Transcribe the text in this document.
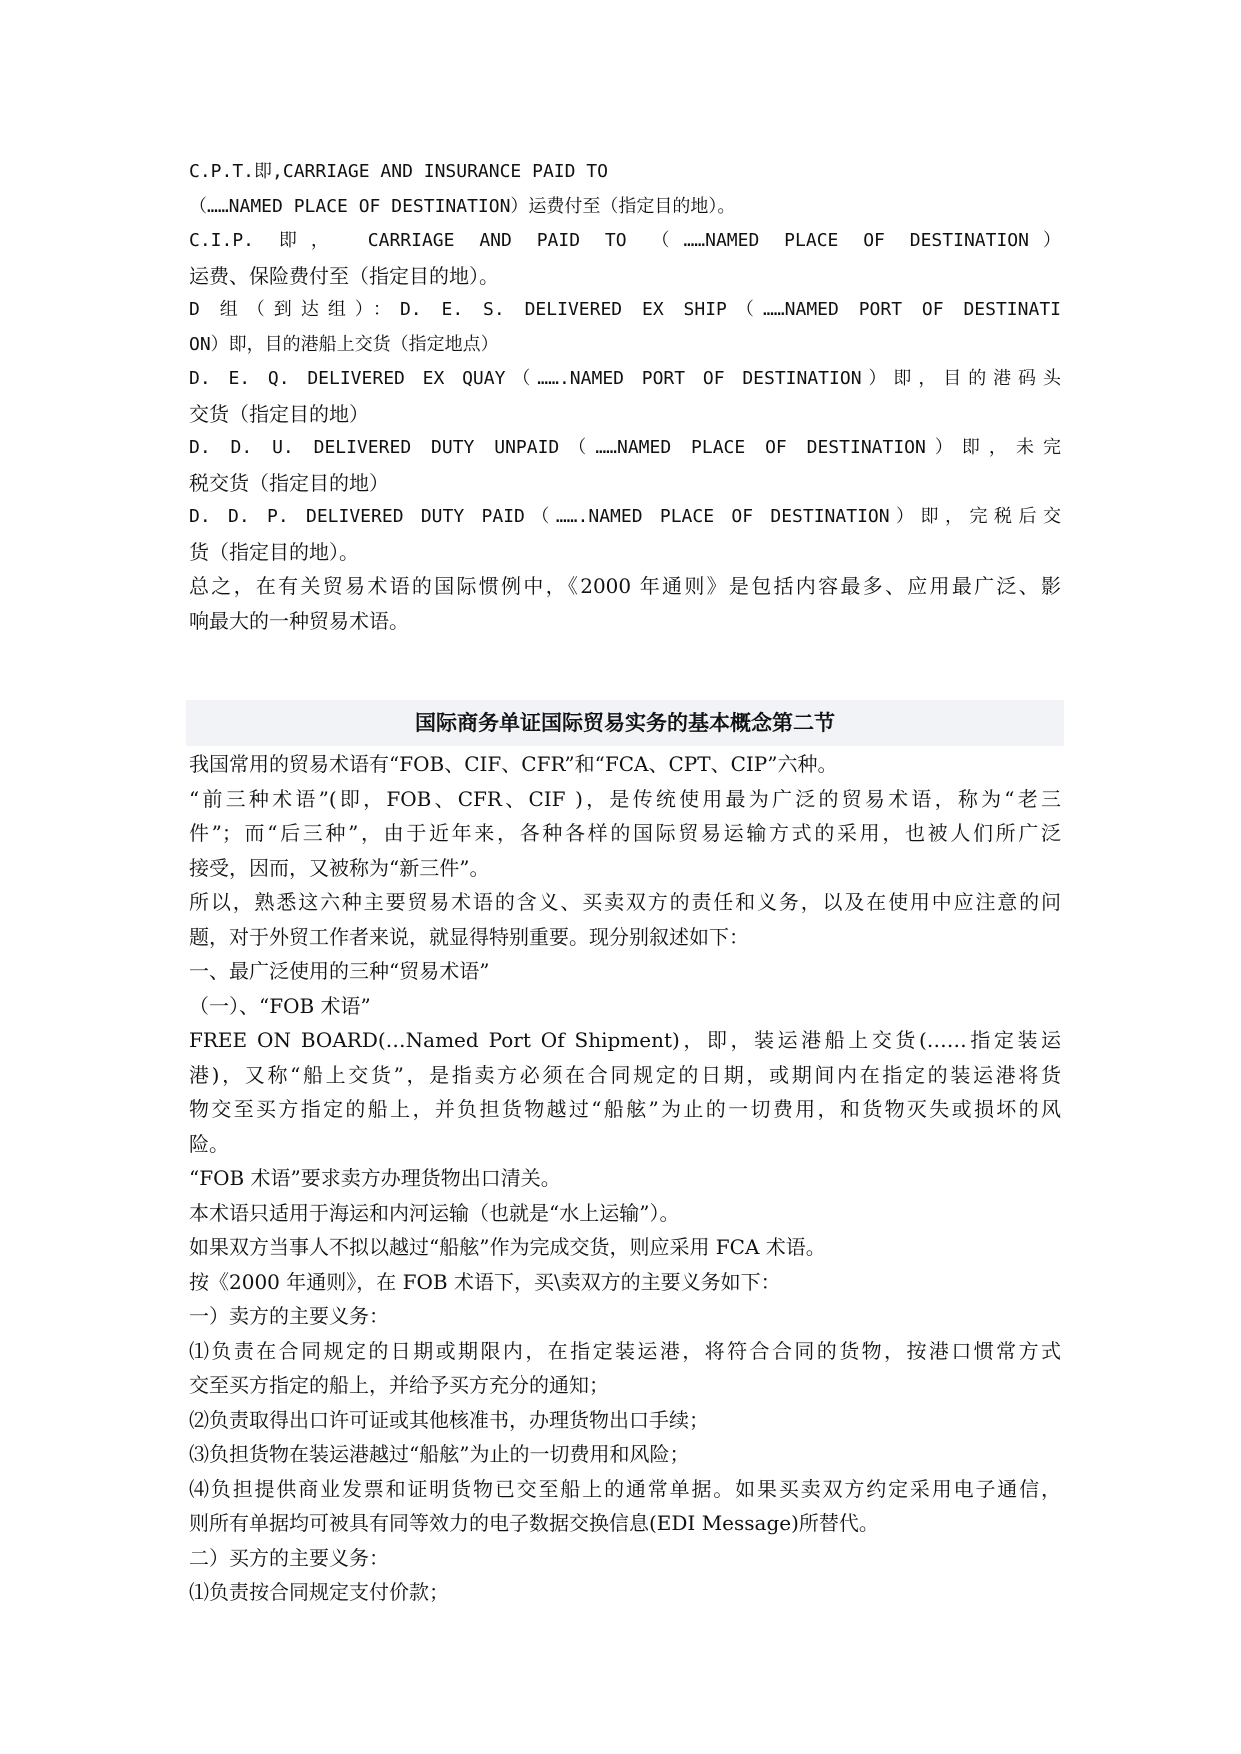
C.P.T.即,CARRIAGE AND INSURANCE PAID TO
（……NAMED PLACE OF DESTINATION）运费付至（指定目的地）。
C.I.P. 即， CARRIAGE AND PAID TO （……NAMED PLACE OF DESTINATION）
运费、保险费付至（指定目的地）。
D 组（到达组）：D. E. S. DELIVERED EX SHIP（……NAMED PORT OF DESTINATI
ON）即，目的港船上交货（指定地点）
D. E. Q. DELIVERED EX QUAY（…….NAMED PORT OF DESTINATION）即，目的港码头
交货（指定目的地）
D. D. U. DELIVERED DUTY UNPAID（……NAMED PLACE OF DESTINATION）即，未完
税交货（指定目的地）
D. D. P. DELIVERED DUTY PAID（…….NAMED PLACE OF DESTINATION）即，完税后交
货（指定目的地）。
总之，在有关贸易术语的国际惯例中，《2000 年通则》是包括内容最多、应用最广泛、影
响最大的一种贸易术语。
国际商务单证国际贸易实务的基本概念第二节
我国常用的贸易术语有“FOB、CIF、CFR”和“FCA、CPT、CIP”六种。
“前三种术语”(即，FOB、CFR、CIF )，是传统使用最为广泛的贸易术语，称为“老三
件”；而“后三种”，由于近年来，各种各样的国际贸易运输方式的采用，也被人们所广泛
接受，因而，又被称为“新三件”。
所以，熟悉这六种主要贸易术语的含义、买卖双方的责任和义务，以及在使用中应注意的问
题，对于外贸工作者来说，就显得特别重要。现分别叙述如下：
一、最广泛使用的三种“贸易术语”
（一）、“FOB 术语”
FREE ON BOARD(…Named Port Of Shipment)，即，装运港船上交货(……指定装运
港)，又称“船上交货”，是指卖方必须在合同规定的日期，或期间内在指定的装运港将货
物交至买方指定的船上，并负担货物越过“船舷”为止的一切费用，和货物灭失或损坏的风
险。
“FOB 术语”要求卖方办理货物出口清关。
本术语只适用于海运和内河运输（也就是“水上运输”）。
如果双方当事人不拟以越过“船舷”作为完成交货，则应采用 FCA 术语。
按《2000 年通则》，在 FOB 术语下，买\卖双方的主要义务如下：
一）卖方的主要义务：
⑴负责在合同规定的日期或期限内，在指定装运港，将符合合同的货物，按港口惯常方式
交至买方指定的船上，并给予买方充分的通知；
⑵负责取得出口许可证或其他核准书，办理货物出口手续；
⑶负担货物在装运港越过“船舷”为止的一切费用和风险；
⑷负担提供商业发票和证明货物已交至船上的通常单据。如果买卖双方约定采用电子通信，
则所有单据均可被具有同等效力的电子数据交换信息(EDI Message)所替代。
二）买方的主要义务：
⑴负责按合同规定支付价款；
